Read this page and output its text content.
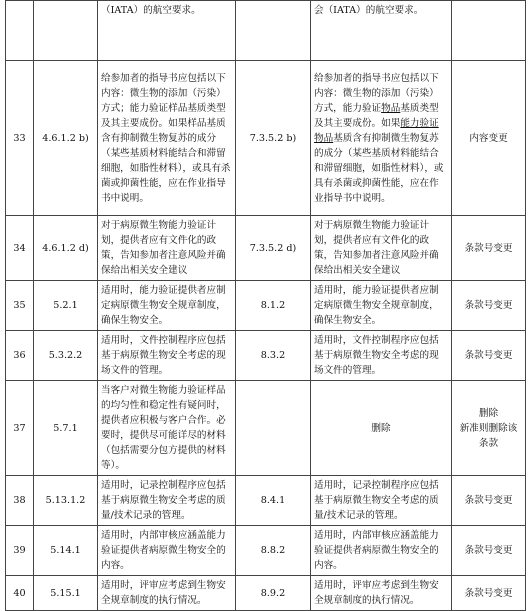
		（IATA）的航空要求。		会（IATA）的航空要求。	
33	4.6.1.2 b)	给参加者的指导书应包括以下内容：微生物的添加（污染）方式；能力验证样品基质类型及其主要成份。如果样品基质含有抑制微生物复苏的成分（某些基质材料能结合和滞留细胞，如脂性材料），或具有杀菌或抑菌性能，应在作业指导书中说明。	7.3.5.2 b)	给参加者的指导书应包括以下内容：微生物的添加（污染）方式，能力验证物品基质类型及其主要成份。如果能力验证物品基质含有抑制微生物复苏的成分（某些基质材料能结合和滞留细胞，如脂性材料），或具有杀菌或抑菌性能，应在作业指导书中说明。	内容变更
34	4.6.1.2 d)	对于病原微生物能力验证计划，提供者应有文件化的政策，告知参加者注意风险并确保给出相关安全建议	7.3.5.2 d)	对于病原微生物能力验证计划，提供者应有文件化的政策，告知参加者注意风险并确保给出相关安全建议	条款号变更
35	5.2.1	适用时，能力验证提供者应制定病原微生物安全规章制度，确保生物安全。	8.1.2	适用时，能力验证提供者应制定病原微生物安全规章制度，确保生物安全。	条款号变更
36	5.3.2.2	适用时，文件控制程序应包括基于病原微生物安全考虑的现场文件的管理。	8.3.2	适用时，文件控制程序应包括基于病原微生物安全考虑的现场文件的管理。	条款号变更
37	5.7.1	当客户对微生物能力验证样品的均匀性和稳定性有疑问时，提供者应积极与客户合作。必要时，提供尽可能详尽的材料（包括需要分包方提供的材料等）。		删除	删除
新准则删除该条款

38	5.13.1.2	适用时，记录控制程序应包括基于病原微生物安全考虑的质量/技术记录的管理。	8.4.1	适用时，记录控制程序应包括基于病原微生物安全考虑的质量/技术记录的管理。	条款号变更
39	5.14.1	适用时，内部审核应涵盖能力验证提供者病原微生物安全的内容。	8.8.2	适用时，内部审核应涵盖能力验证提供者病原微生物安全的内容。	条款号变更
40	5.15.1	适用时，评审应考虑到生物安全规章制度的执行情况。	8.9.2	适用时，评审应考虑到生物安全规章制度的执行情况。	条款号变更
